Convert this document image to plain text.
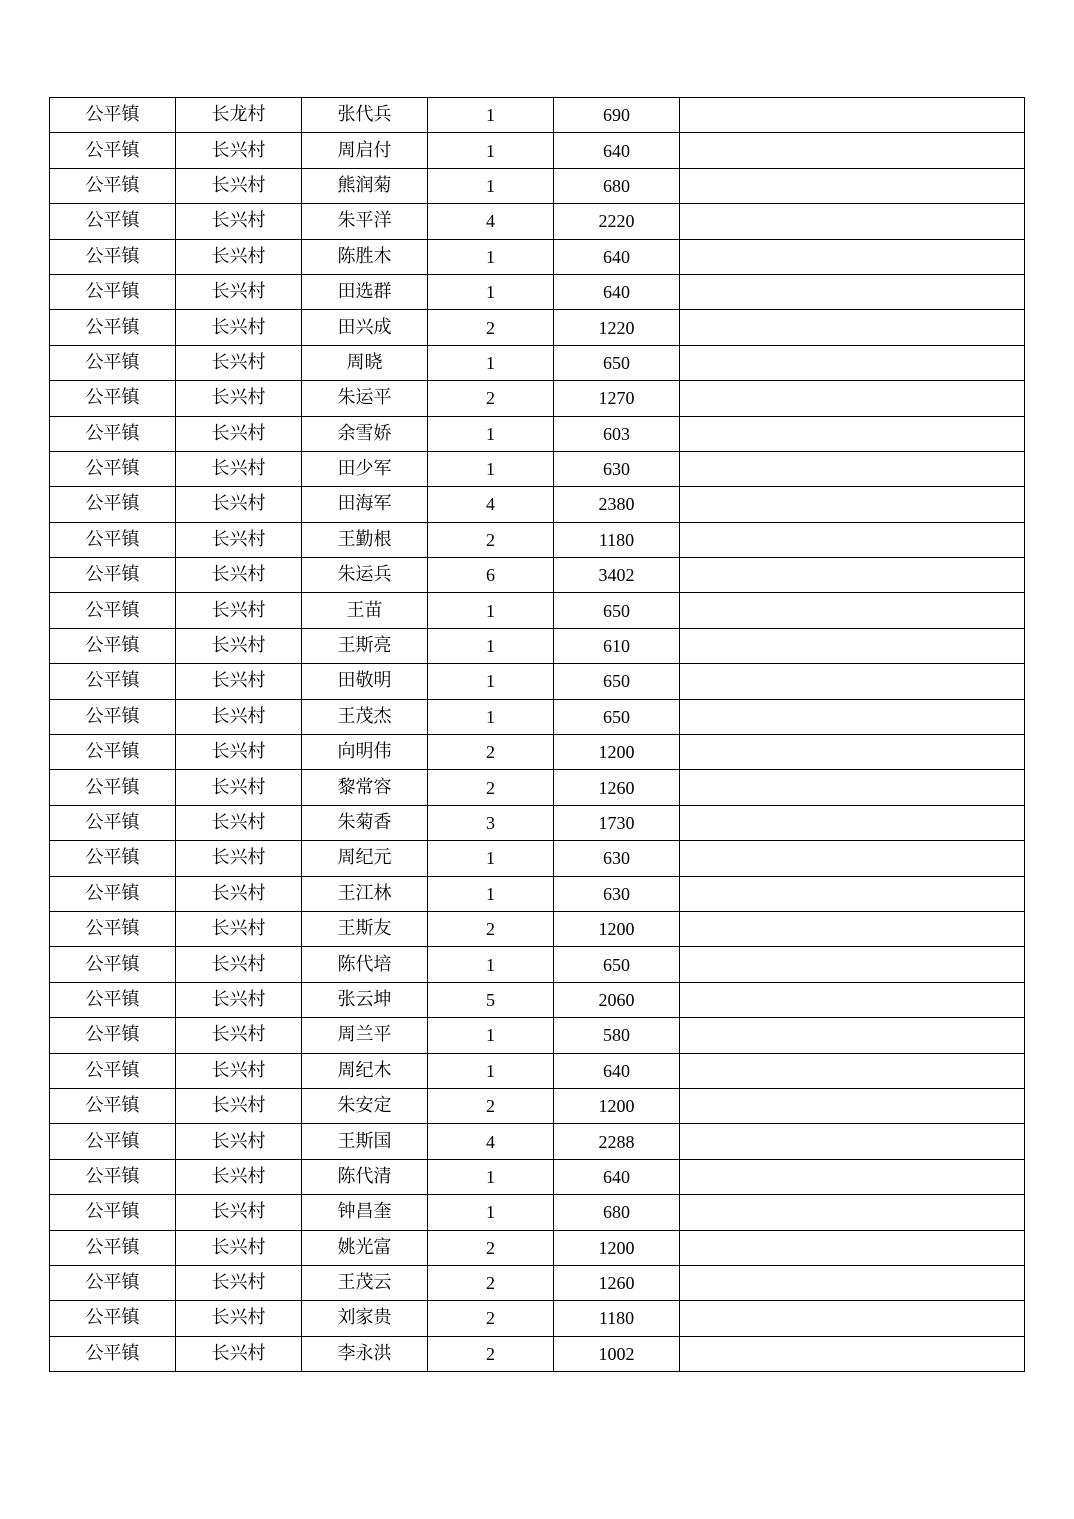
公平镇	长龙村	张代兵	1	690	
公平镇	长兴村	周启付	1	640	
公平镇	长兴村	熊润菊	1	680	
公平镇	长兴村	朱平洋	4	2220	
公平镇	长兴村	陈胜木	1	640	
公平镇	长兴村	田选群	1	640	
公平镇	长兴村	田兴成	2	1220	
公平镇	长兴村	周晓	1	650	
公平镇	长兴村	朱运平	2	1270	
公平镇	长兴村	余雪娇	1	603	
公平镇	长兴村	田少军	1	630	
公平镇	长兴村	田海军	4	2380	
公平镇	长兴村	王勤根	2	1180	
公平镇	长兴村	朱运兵	6	3402	
公平镇	长兴村	王苗	1	650	
公平镇	长兴村	王斯亮	1	610	
公平镇	长兴村	田敬明	1	650	
公平镇	长兴村	王茂杰	1	650	
公平镇	长兴村	向明伟	2	1200	
公平镇	长兴村	黎常容	2	1260	
公平镇	长兴村	朱菊香	3	1730	
公平镇	长兴村	周纪元	1	630	
公平镇	长兴村	王江林	1	630	
公平镇	长兴村	王斯友	2	1200	
公平镇	长兴村	陈代培	1	650	
公平镇	长兴村	张云坤	5	2060	
公平镇	长兴村	周兰平	1	580	
公平镇	长兴村	周纪木	1	640	
公平镇	长兴村	朱安定	2	1200	
公平镇	长兴村	王斯国	4	2288	
公平镇	长兴村	陈代清	1	640	
公平镇	长兴村	钟昌奎	1	680	
公平镇	长兴村	姚光富	2	1200	
公平镇	长兴村	王茂云	2	1260	
公平镇	长兴村	刘家贵	2	1180	
公平镇	长兴村	李永洪	2	1002	
